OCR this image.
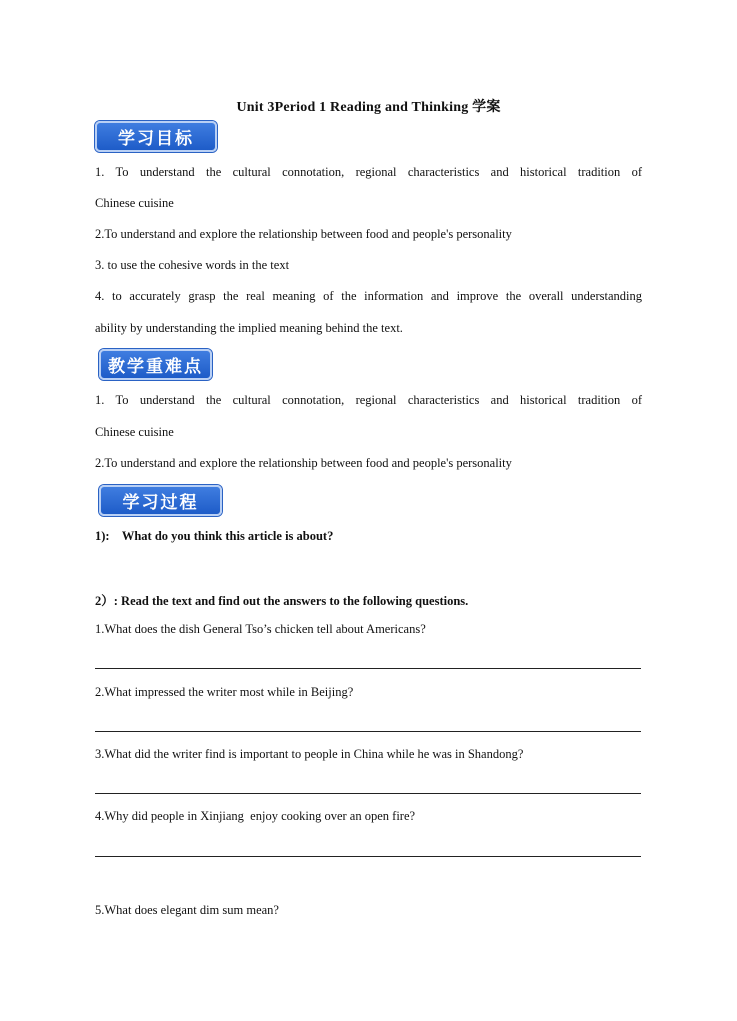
Unit 3Period 1 Reading and Thinking 学案
学习目标
1. To understand the cultural connotation, regional characteristics and historical tradition of
Chinese cuisine
2.To understand and explore the relationship between food and people's personality
3. to use the cohesive words in the text
4. to accurately grasp the real meaning of the information and improve the overall understanding
ability by understanding the implied meaning behind the text.
教学重难点
1. To understand the cultural connotation, regional characteristics and historical tradition of
Chinese cuisine
2.To understand and explore the relationship between food and people's personality
学习过程
1):    What do you think this article is about?
2）: Read the text and find out the answers to the following questions.
1.What does the dish General Tso’s chicken tell about Americans?
2.What impressed the writer most while in Beijing?
3.What did the writer find is important to people in China while he was in Shandong?
4.Why did people in Xinjiang  enjoy cooking over an open fire?
5.What does elegant dim sum mean?
